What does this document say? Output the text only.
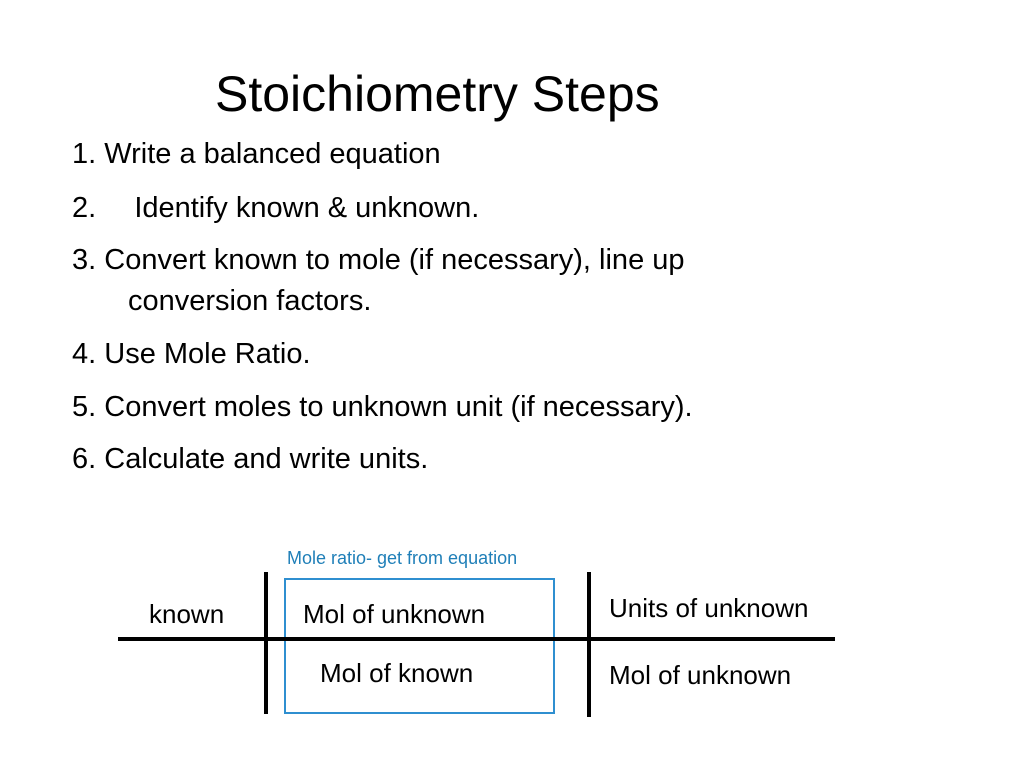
Stoichiometry Steps
1. Write a balanced equation
2. Identify known & unknown.
3. Convert known to mole (if necessary), line up
conversion factors.
4. Use Mole Ratio.
5. Convert moles to unknown unit (if necessary).
6. Calculate and write units.
Mole ratio- get from equation
known	Mol of unknown
Mol of known
Units of unknown
Mol of unknown
